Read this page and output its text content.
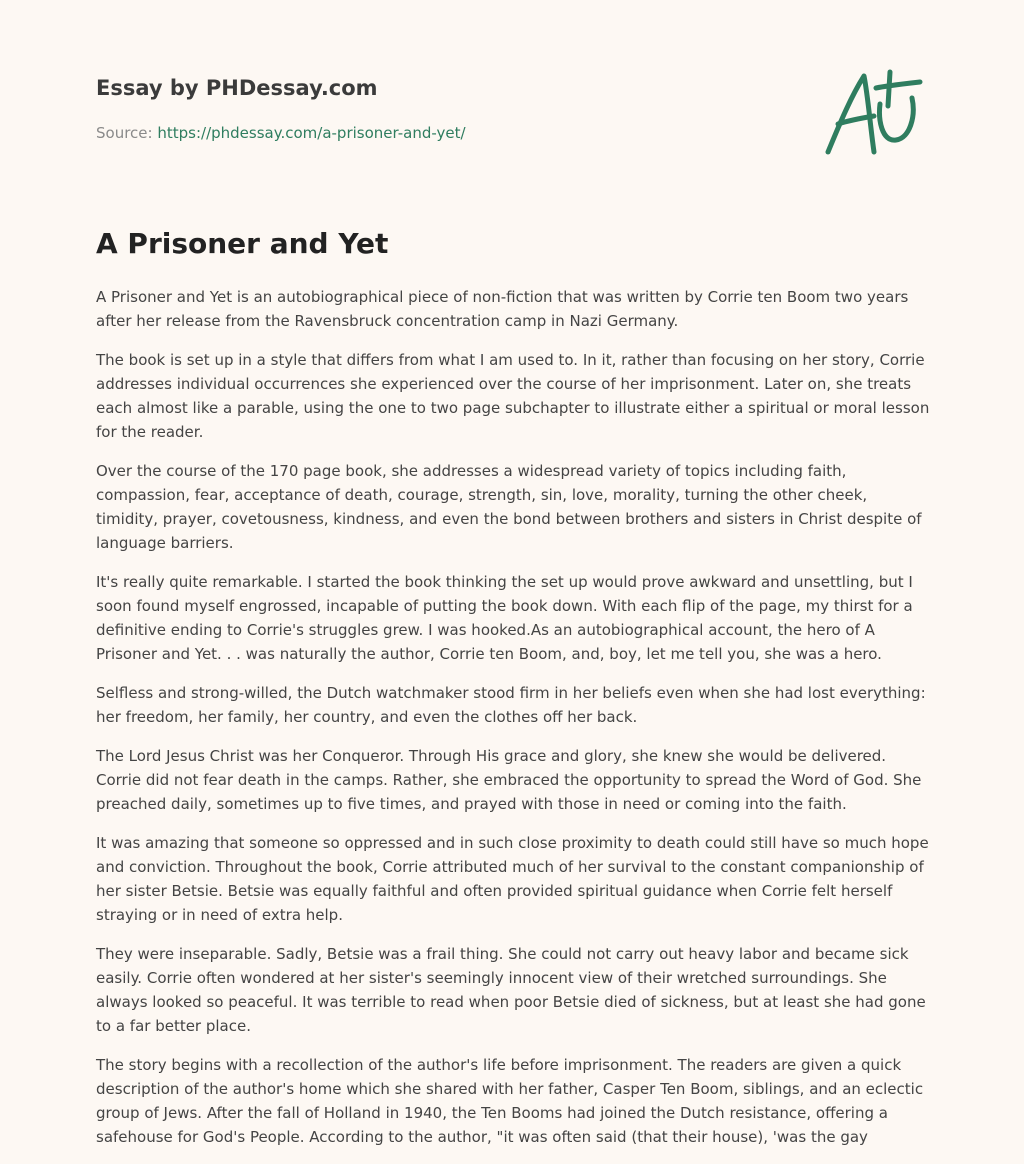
Essay by PHDessay.com
Source: https://phdessay.com/a-prisoner-and-yet/
A Prisoner and Yet

A Prisoner and Yet is an autobiographical piece of non-fiction that was written by Corrie ten Boom two years after her release from the Ravensbruck concentration camp in Nazi Germany.

The book is set up in a style that differs from what I am used to. In it, rather than focusing on her story, Corrie addresses individual occurrences she experienced over the course of her imprisonment. Later on, she treats each almost like a parable, using the one to two page subchapter to illustrate either a spiritual or moral lesson for the reader.

Over the course of the 170 page book, she addresses a widespread variety of topics including faith, compassion, fear, acceptance of death, courage, strength, sin, love, morality, turning the other cheek, timidity, prayer, covetousness, kindness, and even the bond between brothers and sisters in Christ despite of language barriers.

It's really quite remarkable. I started the book thinking the set up would prove awkward and unsettling, but I soon found myself engrossed, incapable of putting the book down. With each flip of the page, my thirst for a definitive ending to Corrie's struggles grew. I was hooked.As an autobiographical account, the hero of A Prisoner and Yet. . . was naturally the author, Corrie ten Boom, and, boy, let me tell you, she was a hero.

Selfless and strong-willed, the Dutch watchmaker stood firm in her beliefs even when she had lost everything: her freedom, her family, her country, and even the clothes off her back.

The Lord Jesus Christ was her Conqueror. Through His grace and glory, she knew she would be delivered. Corrie did not fear death in the camps. Rather, she embraced the opportunity to spread the Word of God. She preached daily, sometimes up to five times, and prayed with those in need or coming into the faith.

It was amazing that someone so oppressed and in such close proximity to death could still have so much hope and conviction. Throughout the book, Corrie attributed much of her survival to the constant companionship of her sister Betsie. Betsie was equally faithful and often provided spiritual guidance when Corrie felt herself straying or in need of extra help.

They were inseparable. Sadly, Betsie was a frail thing. She could not carry out heavy labor and became sick easily. Corrie often wondered at her sister's seemingly innocent view of their wretched surroundings. She always looked so peaceful. It was terrible to read when poor Betsie died of sickness, but at least she had gone to a far better place.

The story begins with a recollection of the author's life before imprisonment. The readers are given a quick description of the author's home which she shared with her father, Casper Ten Boom, siblings, and an eclectic group of Jews. After the fall of Holland in 1940, the Ten Booms had joined the Dutch resistance, offering a safehouse for God's People. According to the author, "it was often said (that their house), 'was the gay
